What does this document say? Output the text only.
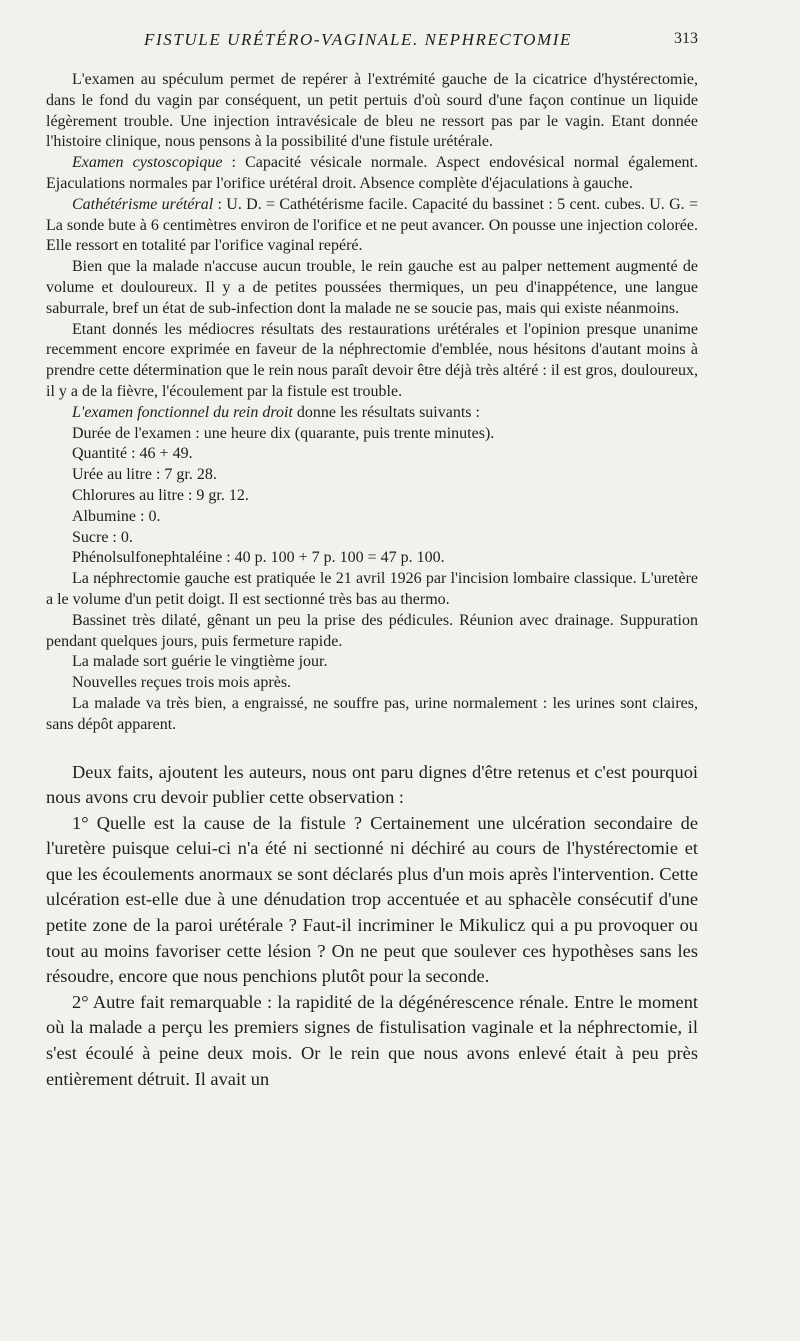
FISTULE URÉTÉRO-VAGINALE. NEPHRECTOMIE	313

L'examen au spéculum permet de repérer à l'extrémité gauche de la cicatrice d'hystérectomie, dans le fond du vagin par conséquent, un petit pertuis d'où sourd d'une façon continue un liquide légèrement trouble. Une injection intravésicale de bleu ne ressort pas par le vagin. Etant donnée l'histoire clinique, nous pensons à la possibilité d'une fistule urétérale.

Examen cystoscopique : Capacité vésicale normale. Aspect endovésical normal également. Ejaculations normales par l'orifice urétéral droit. Absence complète d'éjaculations à gauche.

Cathétérisme urétéral : U. D. = Cathétérisme facile. Capacité du bassinet : 5 cent. cubes. U. G. = La sonde bute à 6 centimètres environ de l'orifice et ne peut avancer. On pousse une injection colorée. Elle ressort en totalité par l'orifice vaginal repéré.

Bien que la malade n'accuse aucun trouble, le rein gauche est au palper nettement augmenté de volume et douloureux. Il y a de petites poussées thermiques, un peu d'inappétence, une langue saburrale, bref un état de sub-infection dont la malade ne se soucie pas, mais qui existe néanmoins.

Etant donnés les médiocres résultats des restaurations urétérales et l'opinion presque unanime recemment encore exprimée en faveur de la néphrectomie d'emblée, nous hésitons d'autant moins à prendre cette détermination que le rein nous paraît devoir être déjà très altéré : il est gros, douloureux, il y a de la fièvre, l'écoulement par la fistule est trouble.

L'examen fonctionnel du rein droit donne les résultats suivants :

Durée de l'examen : une heure dix (quarante, puis trente minutes).

Quantité : 46 + 49.

Urée au litre : 7 gr. 28.

Chlorures au litre : 9 gr. 12.

Albumine : 0.

Sucre : 0.

Phénolsulfonephtaléine : 40 p. 100 + 7 p. 100 = 47 p. 100.

La néphrectomie gauche est pratiquée le 21 avril 1926 par l'incision lombaire classique. L'uretère a le volume d'un petit doigt. Il est sectionné très bas au thermo.

Bassinet très dilaté, gênant un peu la prise des pédicules. Réunion avec drainage. Suppuration pendant quelques jours, puis fermeture rapide.

La malade sort guérie le vingtième jour.

Nouvelles reçues trois mois après.

La malade va très bien, a engraissé, ne souffre pas, urine normalement : les urines sont claires, sans dépôt apparent.

Deux faits, ajoutent les auteurs, nous ont paru dignes d'être retenus et c'est pourquoi nous avons cru devoir publier cette observation :

1° Quelle est la cause de la fistule ? Certainement une ulcération secondaire de l'uretère puisque celui-ci n'a été ni sectionné ni déchiré au cours de l'hystérectomie et que les écoulements anormaux se sont déclarés plus d'un mois après l'intervention. Cette ulcération est-elle due à une dénudation trop accentuée et au sphacèle consécutif d'une petite zone de la paroi urétérale ? Faut-il incriminer le Mikulicz qui a pu provoquer ou tout au moins favoriser cette lésion ? On ne peut que soulever ces hypothèses sans les résoudre, encore que nous penchions plutôt pour la seconde.

2° Autre fait remarquable : la rapidité de la dégénérescence rénale. Entre le moment où la malade a perçu les premiers signes de fistulisation vaginale et la néphrectomie, il s'est écoulé à peine deux mois. Or le rein que nous avons enlevé était à peu près entièrement détruit. Il avait un
